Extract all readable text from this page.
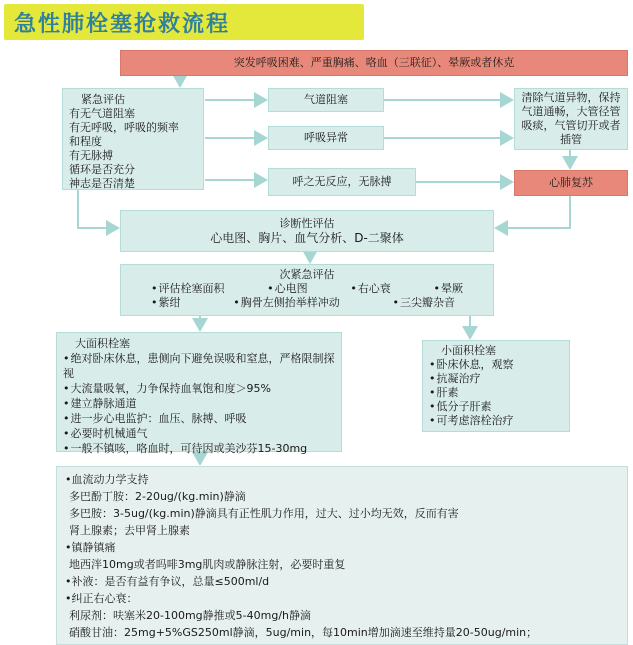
急性肺栓塞抢救流程
突发呼吸困难、严重胸痛、咯血（三联征）、晕厥或者休克
紧急评估
有无气道阻塞
有无呼吸，呼吸的频率
和程度
有无脉搏
循环是否充分
神志是否清楚
气道阻塞
呼吸异常
呼之无反应，无脉搏
清除气道异物，保持气道通畅，大管径管吸痰，气管切开或者插管
心肺复苏
诊断性评估
心电图、胸片、血气分析、D-二聚体
次紧急评估
• 评估栓塞面积	• 心电图	• 右心衰	• 晕厥
• 紫绀	• 胸骨左侧抬举样冲动	• 三尖瓣杂音
大面积栓塞
• 绝对卧床休息，患侧向下避免误吸和窒息，严格限制探视
• 大流量吸氧，力争保持血氧饱和度＞95%
• 建立静脉通道
• 进一步心电监护：血压、脉搏、呼吸
• 必要时机械通气
• 一般不镇咳，咯血时，可待因或美沙芬15-30mg
小面积栓塞
• 卧床休息，观察
• 抗凝治疗
• 肝素
• 低分子肝素
• 可考虑溶栓治疗
•血流动力学支持
多巴酚丁胺：2-20ug/(kg.min)静滴
多巴胺：3-5ug/(kg.min)静滴具有正性肌力作用，过大、过小均无效，反而有害
肾上腺素；去甲肾上腺素
•镇静镇痛
地西泮10mg或者吗啡3mg肌肉或静脉注射，必要时重复
•补液：是否有益有争议，总量≤500ml/d
•纠正右心衰：
利尿剂：呋塞米20-100mg静推或5-40mg/h静滴
硝酸甘油：25mg+5%GS250ml静滴，5ug/min，每10min增加滴速至维持量20-50ug/min；
